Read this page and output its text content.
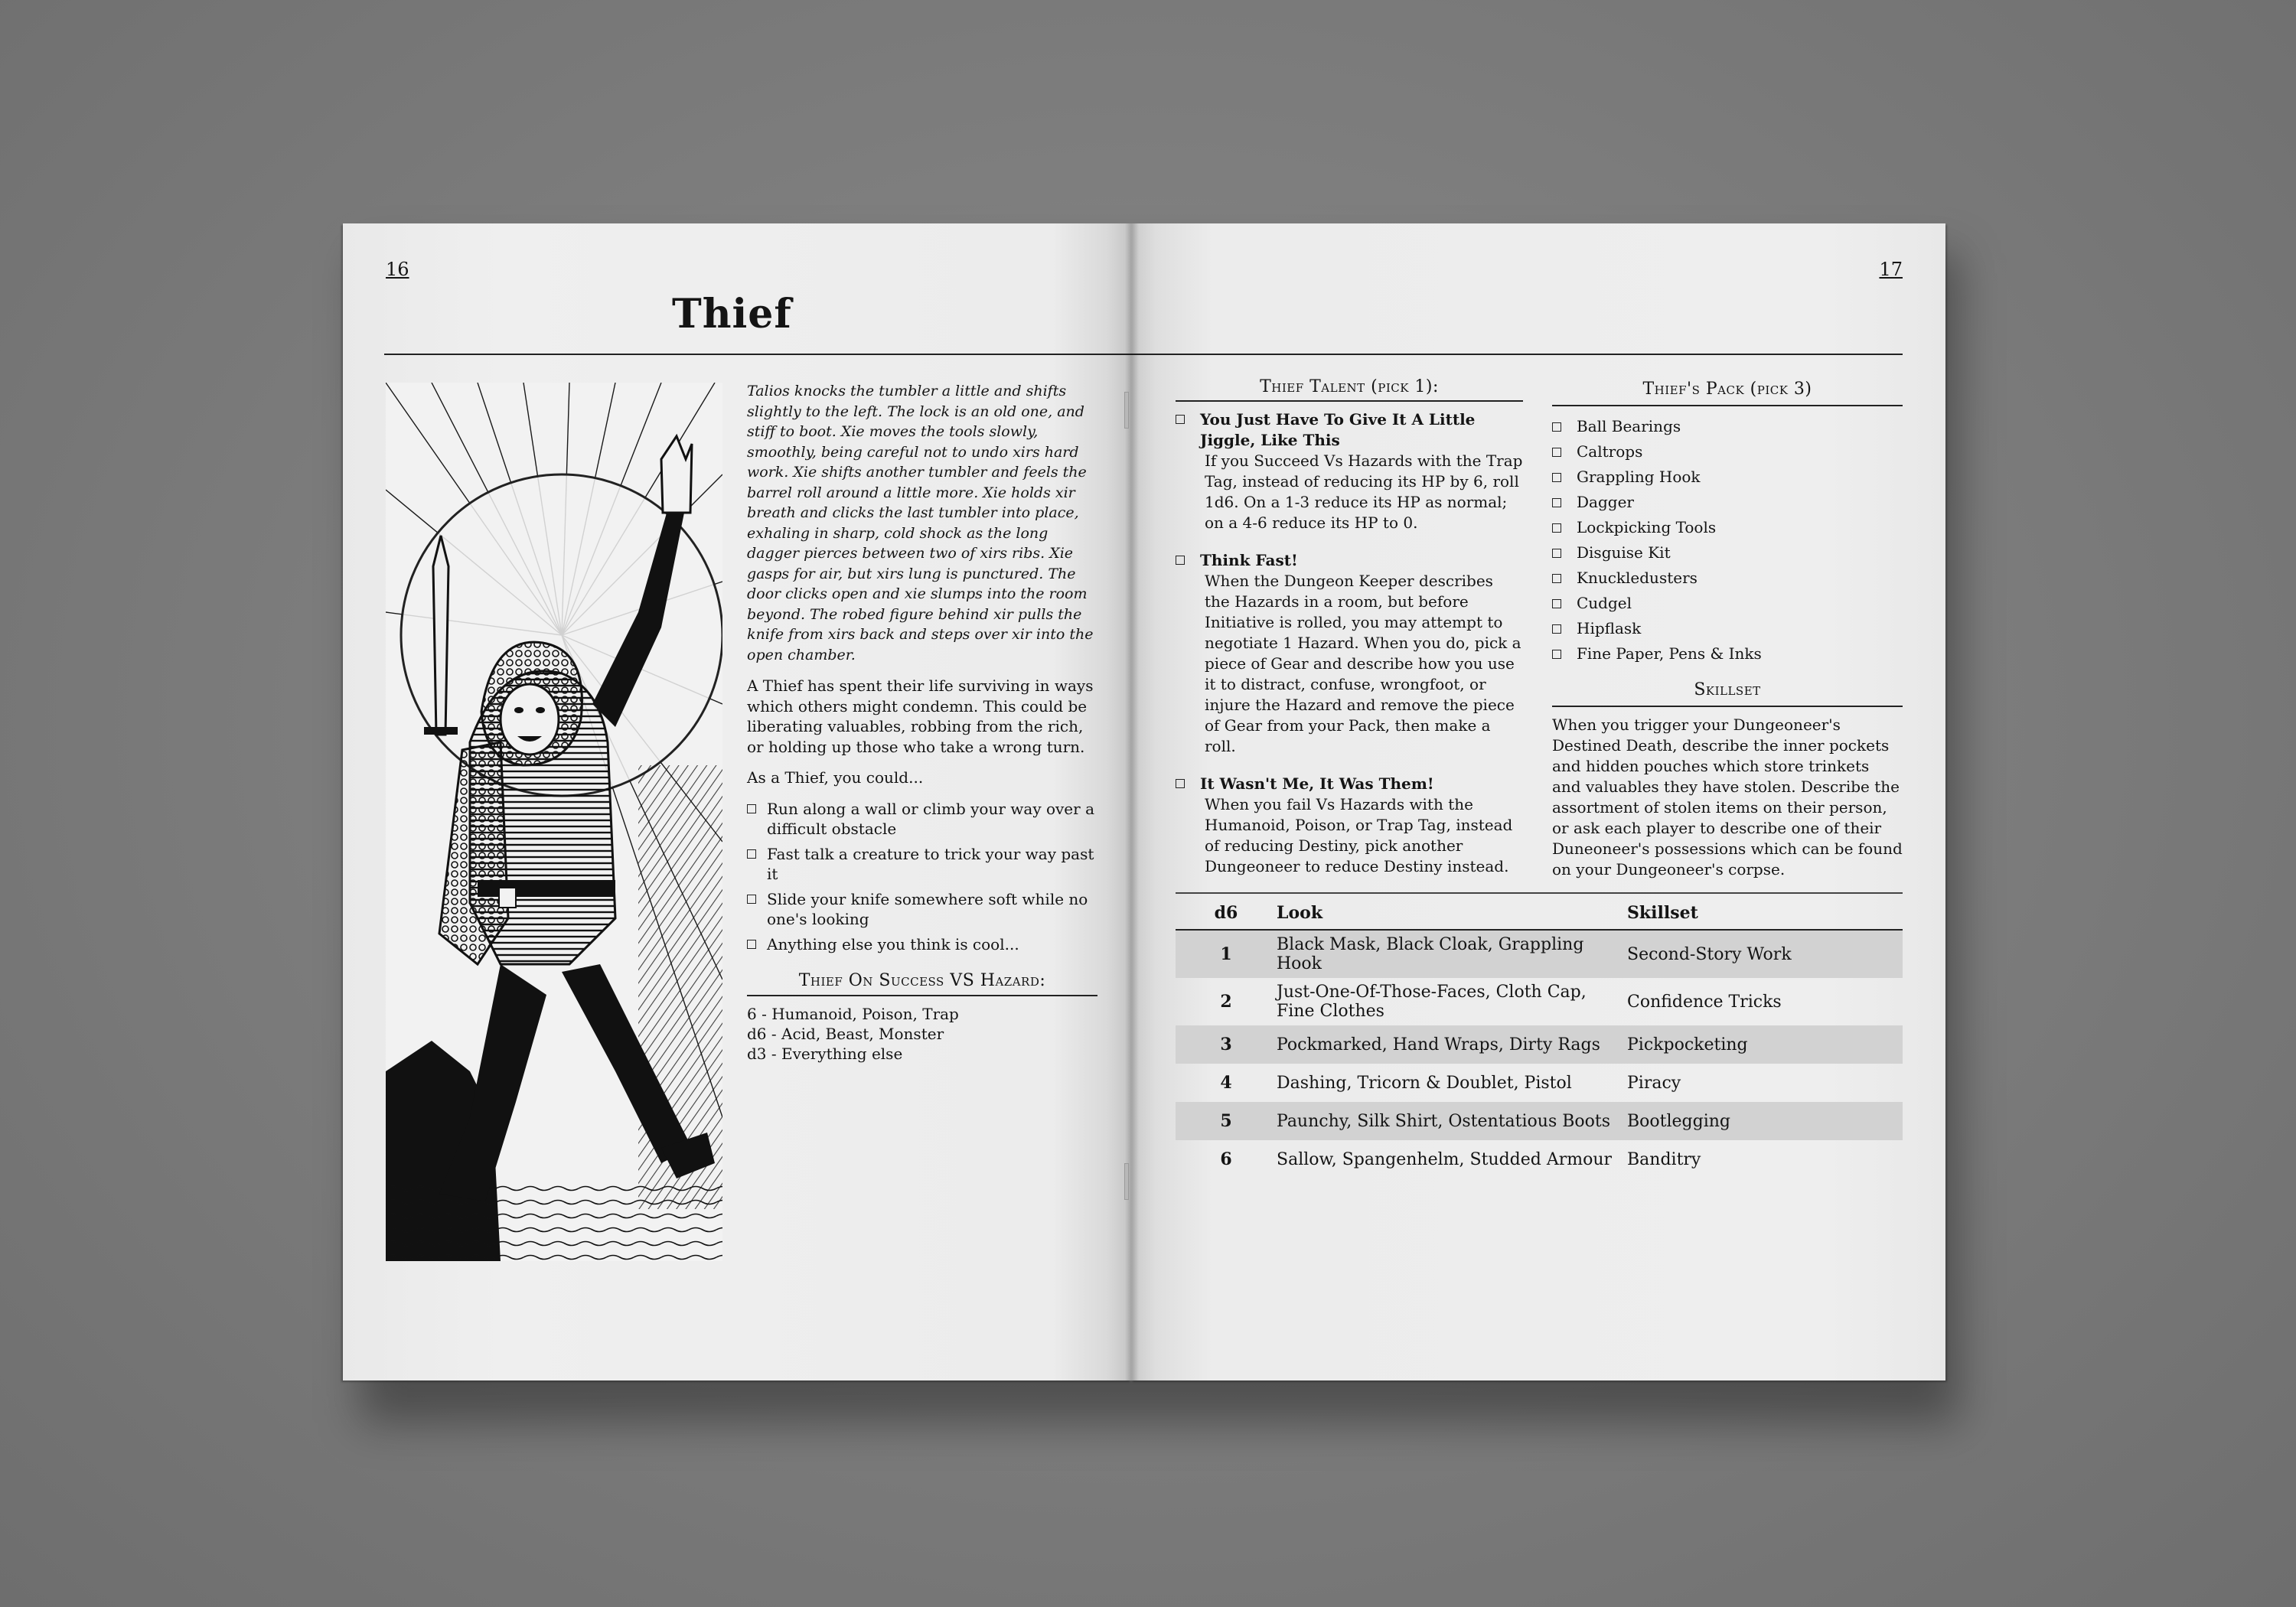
16
Thief

Talios knocks the tumbler a little and shifts slightly to the left. The lock is an old one, and stiff to boot. Xie moves the tools slowly, smoothly, being careful not to undo xirs hard work. Xie shifts another tumbler and feels the barrel roll around a little more. Xie holds xir breath and clicks the last tumbler into place, exhaling in sharp, cold shock as the long dagger pierces between two of xirs ribs. Xie gasps for air, but xirs lung is punctured. The door clicks open and xie slumps into the room beyond. The robed figure behind xir pulls the knife from xirs back and steps over xir into the open chamber.

A Thief has spent their life surviving in ways which others might condemn. This could be liberating valuables, robbing from the rich, or holding up those who take a wrong turn.

As a Thief, you could...

Run along a wall or climb your way over a difficult obstacle
Fast talk a creature to trick your way past it
Slide your knife somewhere soft while no one's looking
Anything else you think is cool...
Thief On Success VS Hazard:
6 - Humanoid, Poison, Trap
d6 - Acid, Beast, Monster
d3 - Everything else
17
Thief Talent (pick 1):
You Just Have To Give It A Little Jiggle, Like This
If you Succeed Vs Hazards with the Trap Tag, instead of reducing its HP by 6, roll 1d6. On a 1-3 reduce its HP as normal; on a 4-6 reduce its HP to 0.
Think Fast!
When the Dungeon Keeper describes the Hazards in a room, but before Initiative is rolled, you may attempt to negotiate 1 Hazard. When you do, pick a piece of Gear and describe how you use it to distract, confuse, wrongfoot, or injure the Hazard and remove the piece of Gear from your Pack, then make a roll.
It Wasn't Me, It Was Them!
When you fail Vs Hazards with the Humanoid, Poison, or Trap Tag, instead of reducing Destiny, pick another Dungeoneer to reduce Destiny instead.
Thief's Pack (pick 3)
Ball Bearings
Caltrops
Grappling Hook
Dagger
Lockpicking Tools
Disguise Kit
Knuckledusters
Cudgel
Hipflask
Fine Paper, Pens & Inks
Skillset
When you trigger your Dungeoneer's Destined Death, describe the inner pockets and hidden pouches which store trinkets and valuables they have stolen. Describe the assortment of stolen items on their person, or ask each player to describe one of their Duneoneer's possessions which can be found on your Dungeoneer's corpse.
d6	Look	Skillset
1	Black Mask, Black Cloak, Grappling Hook	Second-Story Work
2	Just-One-Of-Those-Faces, Cloth Cap, Fine Clothes	Confidence Tricks
3	Pockmarked, Hand Wraps, Dirty Rags	Pickpocketing
4	Dashing, Tricorn & Doublet, Pistol	Piracy
5	Paunchy, Silk Shirt, Ostentatious Boots	Bootlegging
6	Sallow, Spangenhelm, Studded Armour	Banditry
